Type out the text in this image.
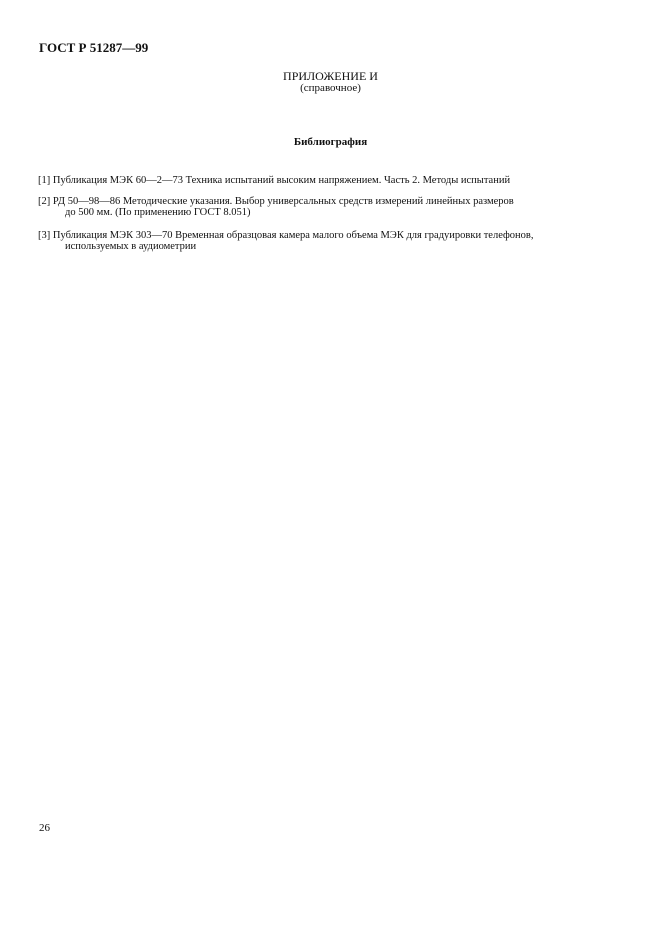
ГОСТ Р 51287—99
ПРИЛОЖЕНИЕ И
(справочное)
Библиография
[1] Публикация МЭК 60—2—73 Техника испытаний высоким напряжением. Часть 2. Методы испытаний
[2] РД 50—98—86 Методические указания. Выбор универсальных средств измерений линейных размеров
до 500 мм. (По применению ГОСТ 8.051)
[3] Публикация МЭК 303—70 Временная образцовая камера малого объема МЭК для градуировки телефонов,
используемых в аудиометрии
26
